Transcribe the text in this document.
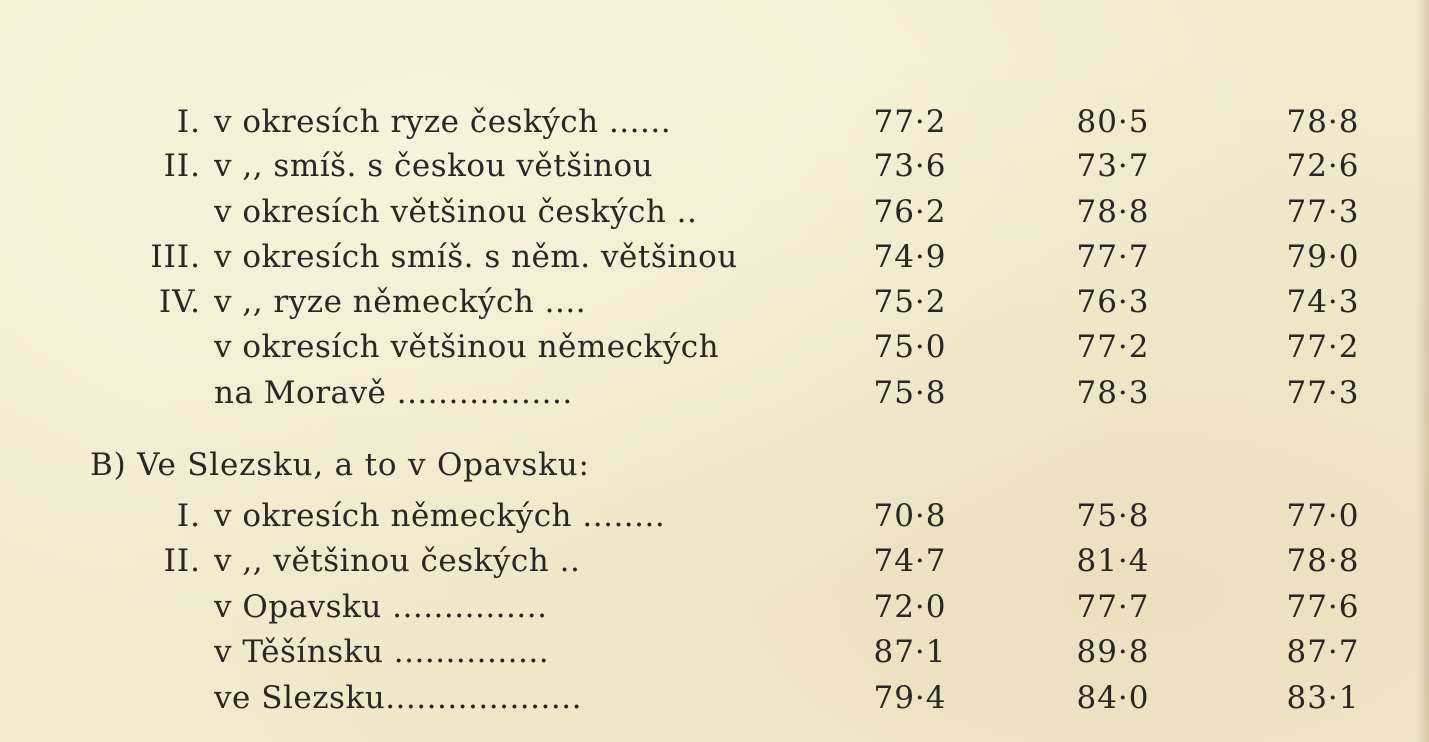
I. v okresích ryze českých ......	77·2	80·5	78·8
II. v ,, smíš. s českou většinou	73·6	73·7	72·6
v okresích většinou českých ..	76·2	78·8	77·3
III. v okresích smíš. s něm. většinou	74·9	77·7	79·0
IV. v ,, ryze německých ....	75·2	76·3	74·3
v okresích většinou německých	75·0	77·2	77·2
na Moravě .................	75·8	78·3	77·3
B) Ve Slezsku, a to v Opavsku:
I. v okresích německých ........	70·8	75·8	77·0
II. v ,, většinou českých ..	74·7	81·4	78·8
v Opavsku ...............	72·0	77·7	77·6
v Těšínsku ...............	87·1	89·8	87·7
ve Slezsku...................	79·4	84·0	83·1
